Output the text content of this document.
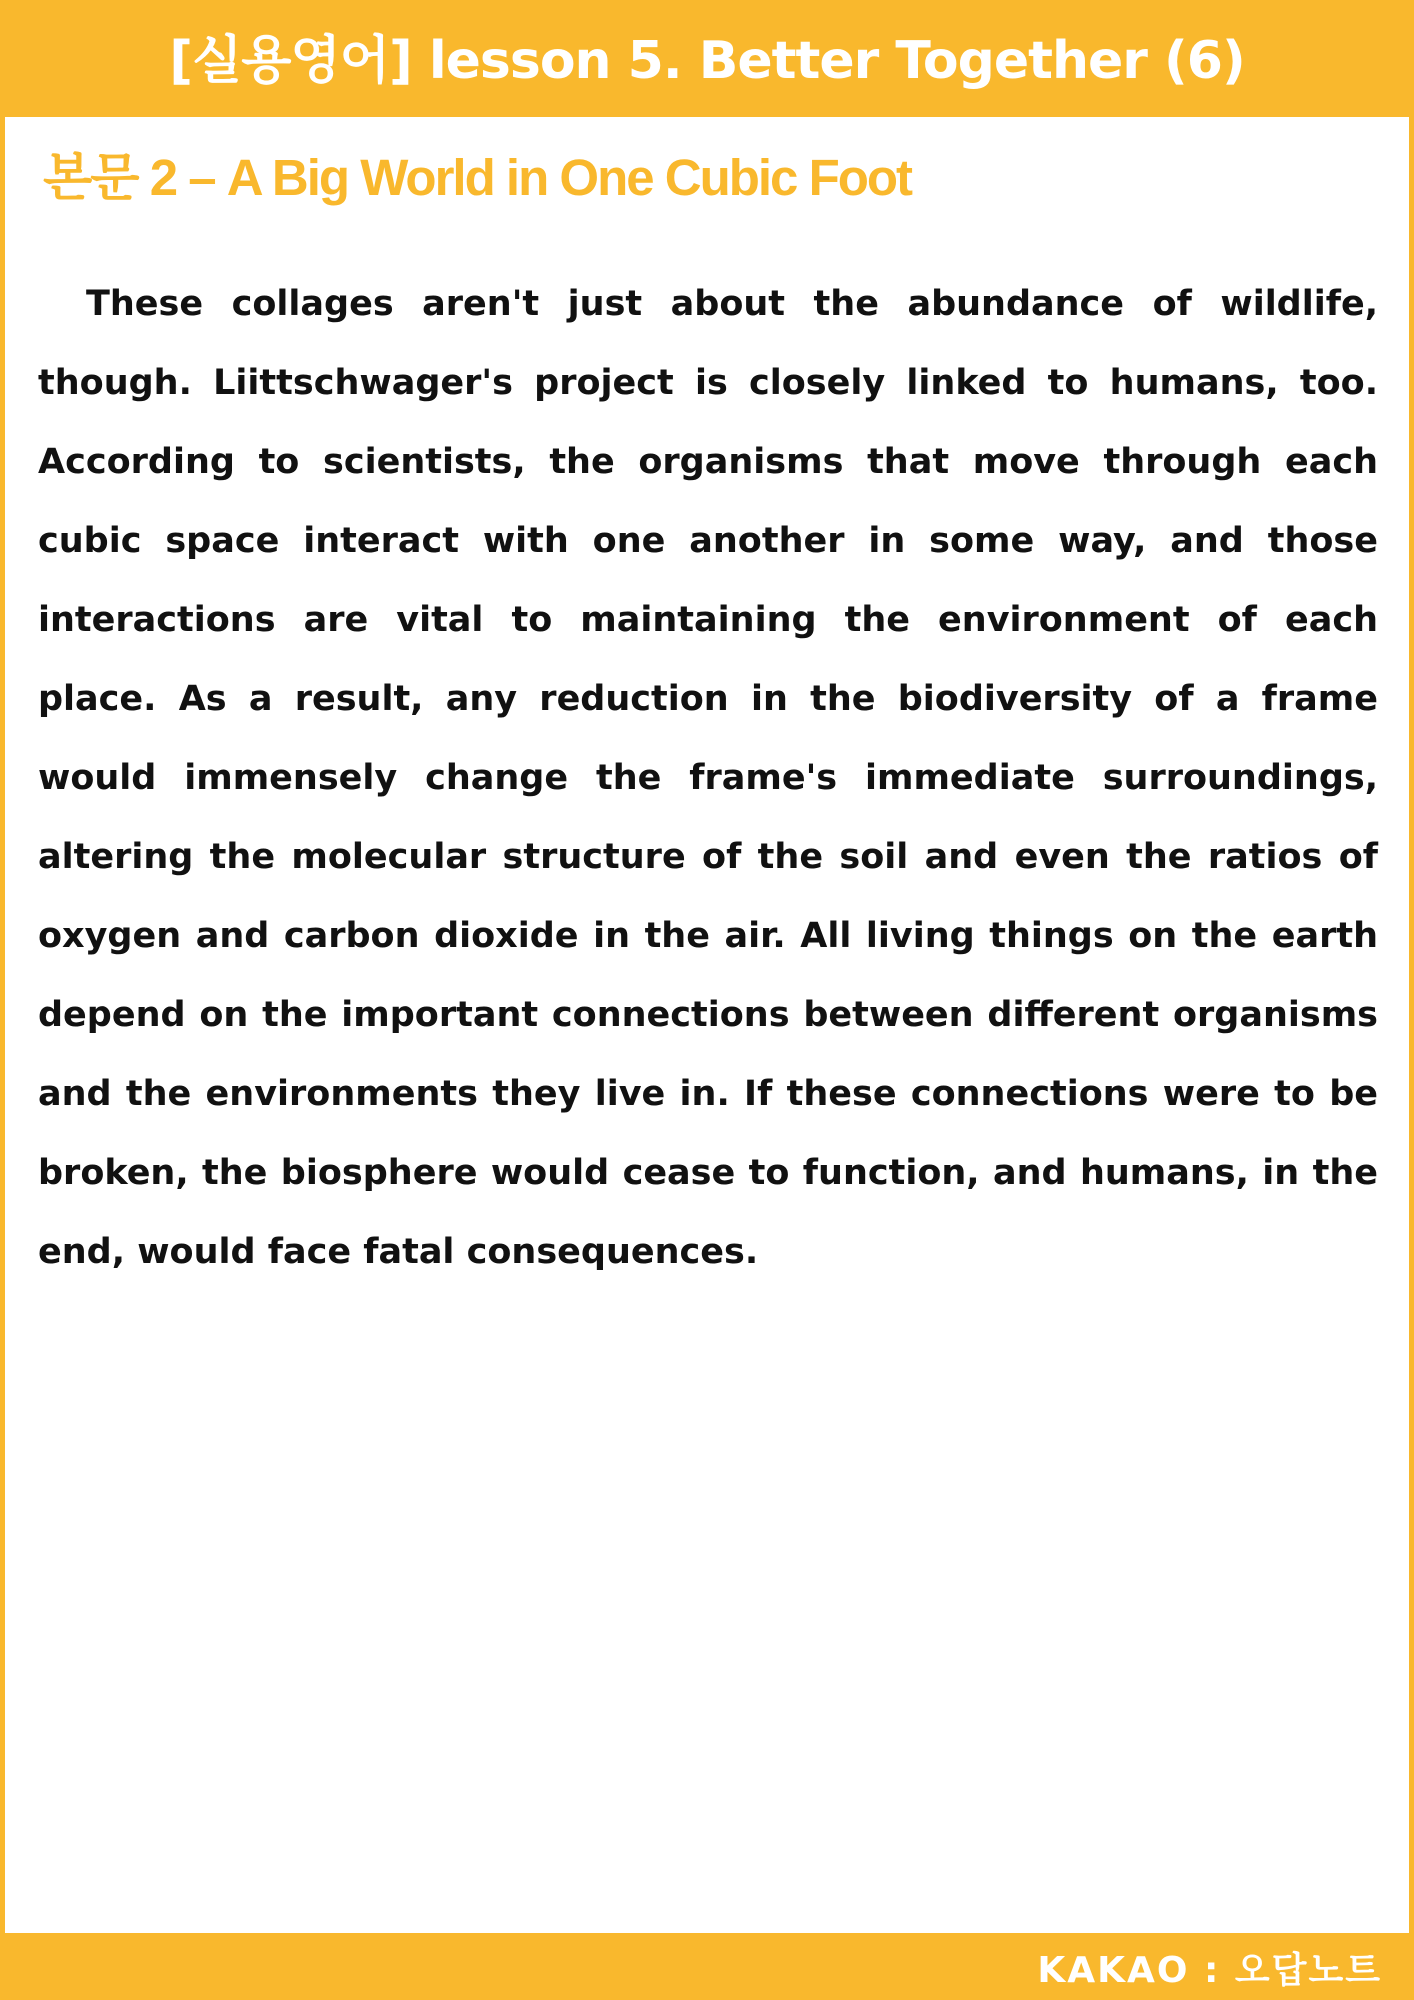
[실용영어] lesson 5. Better Together (6)
본문 2 – A Big World in One Cubic Foot

These collages aren't just about the abundance of wildlife, though. Liittschwager's project is closely linked to humans, too. According to scientists, the organisms that move through each cubic space interact with one another in some way, and those interactions are vital to maintaining the environment of each place. As a result, any reduction in the biodiversity of a frame would immensely change the frame's immediate surroundings, altering the molecular structure of the soil and even the ratios of oxygen and carbon dioxide in the air. All living things on the earth depend on the important connections between different organisms and the environments they live in. If these connections were to be broken, the biosphere would cease to function, and humans, in the end, would face fatal consequences.

KAKAO : 오답노트
